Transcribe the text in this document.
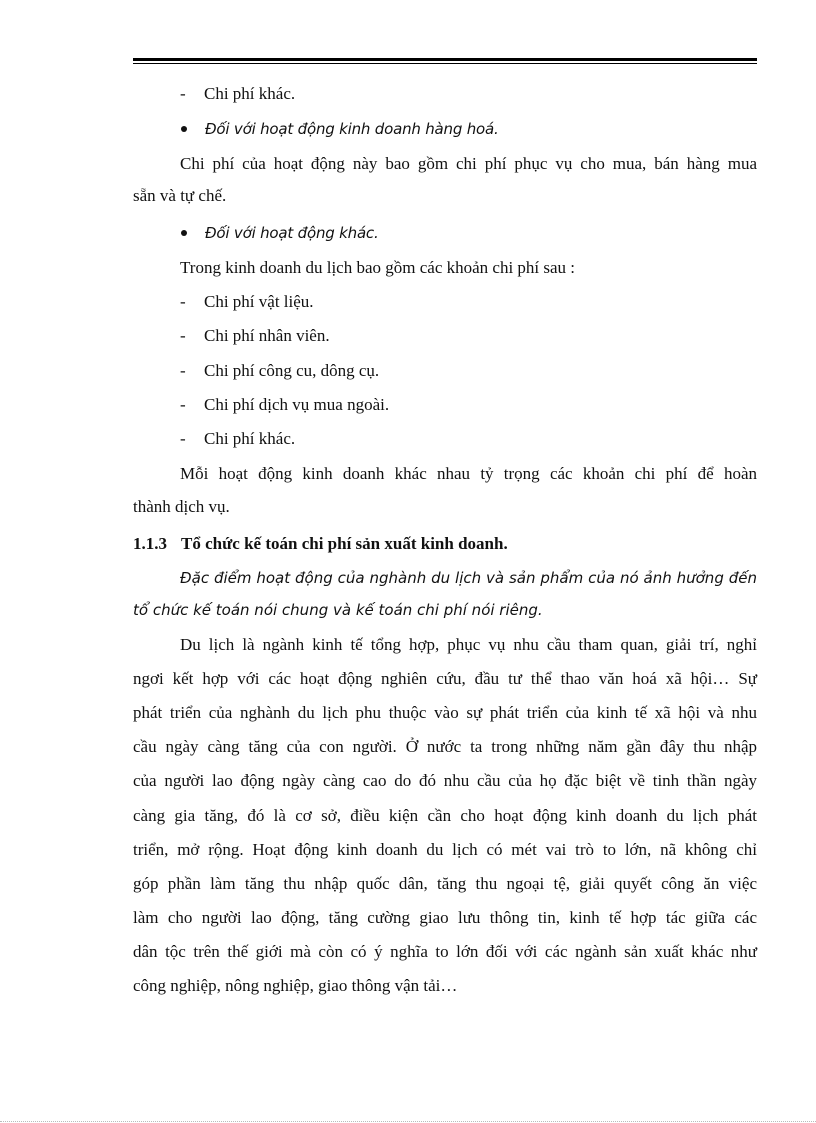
- Chi phí khác.
Đối với hoạt động kinh doanh hàng hoá.
Chi phí của hoạt động này bao gồm chi phí phục vụ cho mua, bán hàng mua
sẵn và tự chế.
Đối với hoạt động khác.
Trong kinh doanh du lịch bao gồm các khoản chi phí sau :
- Chi phí vật liệu.
- Chi phí nhân viên.
- Chi phí công cu, dông cụ.
- Chi phí dịch vụ mua ngoài.
- Chi phí khác.
Mỗi hoạt động kinh doanh khác nhau tỷ trọng các khoản chi phí để hoàn
thành dịch vụ.
1.1.3 Tổ chức kế toán chi phí sản xuất kinh doanh.
Đặc điểm hoạt động của nghành du lịch và sản phẩm của nó ảnh hưởng đến
tổ chức kế toán nói chung và kế toán chi phí nói riêng.
Du lịch là ngành kinh tế tổng hợp, phục vụ nhu cầu tham quan, giải trí, nghỉ
ngơi kết hợp với các hoạt động nghiên cứu, đầu tư thể thao văn hoá xã hội… Sự
phát triển của nghành du lịch phu thuộc vào sự phát triển của kinh tế xã hội và nhu
cầu ngày càng tăng của con người. Ở nước ta trong những năm gần đây thu nhập
của người lao động ngày càng cao do đó nhu cầu của họ đặc biệt về tinh thần ngày
càng gia tăng, đó là cơ sở, điều kiện cần cho hoạt động kinh doanh du lịch phát
triển, mở rộng. Hoạt động kinh doanh du lịch có mét vai trò to lớn, nã không chỉ
góp phần làm tăng thu nhập quốc dân, tăng thu ngoại tệ, giải quyết công ăn việc
làm cho người lao động, tăng cường giao lưu thông tin, kinh tế hợp tác giữa các
dân tộc trên thế giới mà còn có ý nghĩa to lớn đối với các ngành sản xuất khác như
công nghiệp, nông nghiệp, giao thông vận tải…
